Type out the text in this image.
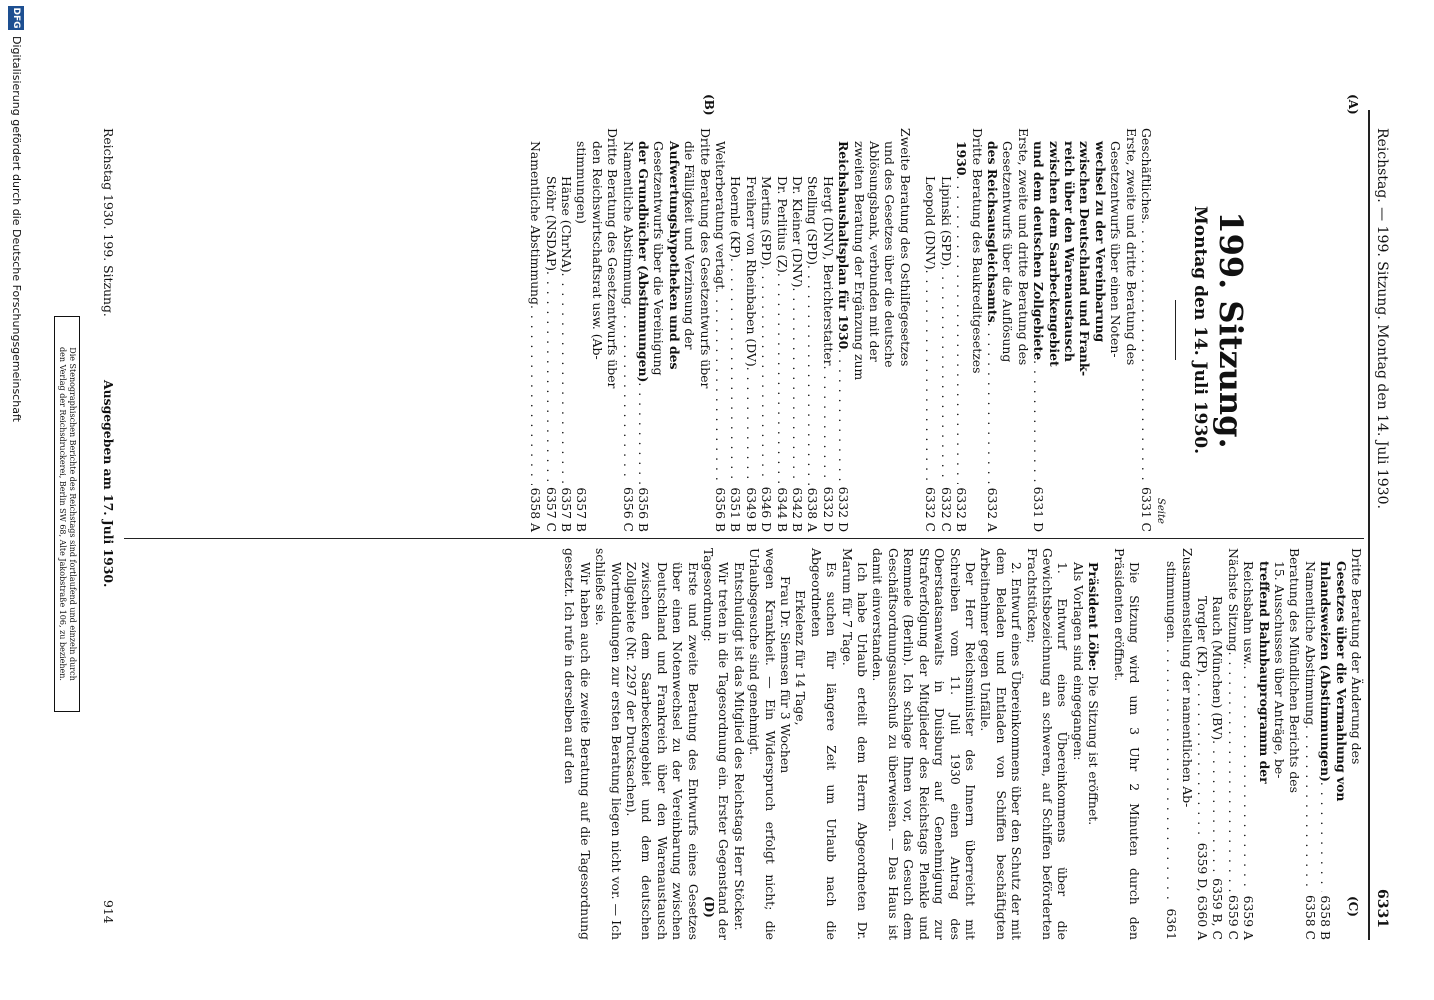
Reichstag. — 199. Sitzung. Montag den 14. Juli 1930.
6331
(A)
(B)
(C)
(D)
199. Sitzung.
Montag den 14. Juli 1930.
Seite
Geschäftliches
. . .
6331 C
Erste, zweite und dritte Beratung des
Gesetzentwurfs über einen Noten-
wechsel zu der Vereinbarung
zwischen Deutschland und Frank-
reich über den Warenaustausch
zwischen dem Saarbeckengebiet
und dem deutschen Zollgebiete
. . .
6331 D
Erste, zweite und dritte Beratung des
Gesetzentwurfs über die Auflösung
des Reichsausgleichsamts
. . .
6332 A
Dritte Beratung des Baukreditgesetzes
1930
. . .
6332 B
Lipinski (SPD)
. . .
6332 C
Leopold (DNV)
. . .
6332 C
Zweite Beratung des Osthilfegesetzes
und des Gesetzes über die deutsche
Ablösungsbank, verbunden mit der
zweiten Beratung der Ergänzung zum
Reichshaushaltsplan für 1930
. . .
6332 D
Hergt (DNV), Berichterstatter
. . .
6332 D
Stelling (SPD)
. . .
6338 A
Dr. Kleiner (DNV)
. . .
6342 B
Dr. Perlitius (Z)
. . .
6344 B
Mertins (SPD)
. . .
6346 D
Freiherr von Rheinbaben (DV)
. . .
6349 B
Hoernle (KP)
. . .
6351 B
Weiterberatung vertagt
. . .
6356 B
Dritte Beratung des Gesetzentwurfs über
die Fälligkeit und Verzinsung der
Aufwertungshypotheken und des
Gesetzentwurfs über die Vereinigung
der Grundbücher (Abstimmungen)
. . .
6356 B
Namentliche Abstimmung
. . .
6356 C
Dritte Beratung des Gesetzentwurfs über
den Reichswirtschaftsrat usw. (Ab-
stimmungen)
6357 B
Hänse (ChrNA)
. . .
6357 B
Stöhr (NSDAP)
. . .
6357 C
Namentliche Abstimmung
. . .
6358 A
Dritte Beratung der Änderung des
Gesetzes über die Vermahlung von
Inlandsweizen (Abstimmungen)
. . .
6358 B
Namentliche Abstimmung
. . .
6358 C
Beratung des Mündlichen Berichts des
15. Ausschusses über Anträge, be-
treffend Bahnbauprogramm der
Reichsbahn usw.
. . .
6359 A
Nächste Sitzung
. . .
6359 C
Rauch (München) (BV)
. . .
6359 B, C
Torgler (KP)
. . .
6359 D, 6360 A
Zusammenstellung der namentlichen Ab-
stimmungen
. . .
6361
Die Sitzung wird um 3 Uhr 2 Minuten durch den Präsidenten eröffnet.
Präsident Löbe: Die Sitzung ist eröffnet.
Als Vorlagen sind eingegangen:
1. Entwurf eines Übereinkommens über die Gewichtsbezeichnung an schweren, auf Schiffen beförderten Frachtstücken;
2. Entwurf eines Übereinkommens über den Schutz der mit dem Beladen und Entladen von Schiffen beschäftigten Arbeitnehmer gegen Unfälle.
Der Herr Reichsminister des Innern überreicht mit Schreiben vom 11. Juli 1930 einen Antrag des Oberstaatsanwalts in Duisburg auf Genehmigung zur Strafverfolgung der Mitglieder des Reichstags Plenkle und Remmele (Berlin). Ich schlage Ihnen vor, das Gesuch dem Geschäftsordnungsausschuß zu überweisen. — Das Haus ist damit einverstanden.
Ich habe Urlaub erteilt dem Herrn Abgeordneten Dr. Marum für 7 Tage.
Es suchen für längere Zeit um Urlaub nach die Abgeordneten
Erkelenz für 14 Tage,
Frau Dr. Siemsen für 3 Wochen
wegen Krankheit. — Ein Widerspruch erfolgt nicht; die Urlaubsgesuche sind genehmigt.
Entschuldigt ist das Mitglied des Reichstags Herr Stöcker.
Wir treten in die Tagesordnung ein. Erster Gegenstand der Tagesordnung:
Erste und zweite Beratung des Entwurfs eines Gesetzes über einen Notenwechsel zu der Vereinbarung zwischen Deutschland und Frankreich über den Warenaustausch zwischen dem Saarbeckengebiet und dem deutschen Zollgebiete (Nr. 2297 der Drucksachen).
Wortmeldungen zur ersten Beratung liegen nicht vor. — Ich schließe sie.
Wir haben auch die zweite Beratung auf die Tagesordnung gesetzt. Ich rufe in derselben auf den
Reichstag 1930. 199. Sitzung.
Ausgegeben am 17. Juli 1930.
914
Die Stenographischen Berichte des Reichstags sind fortlaufend und einzeln durch
den Verlag der Reichsdruckerei, Berlin SW 68, Alte Jakobstraße 106, zu beziehen.
DFG
Digitalisierung gefördert durch die Deutsche Forschungsgemeinschaft
